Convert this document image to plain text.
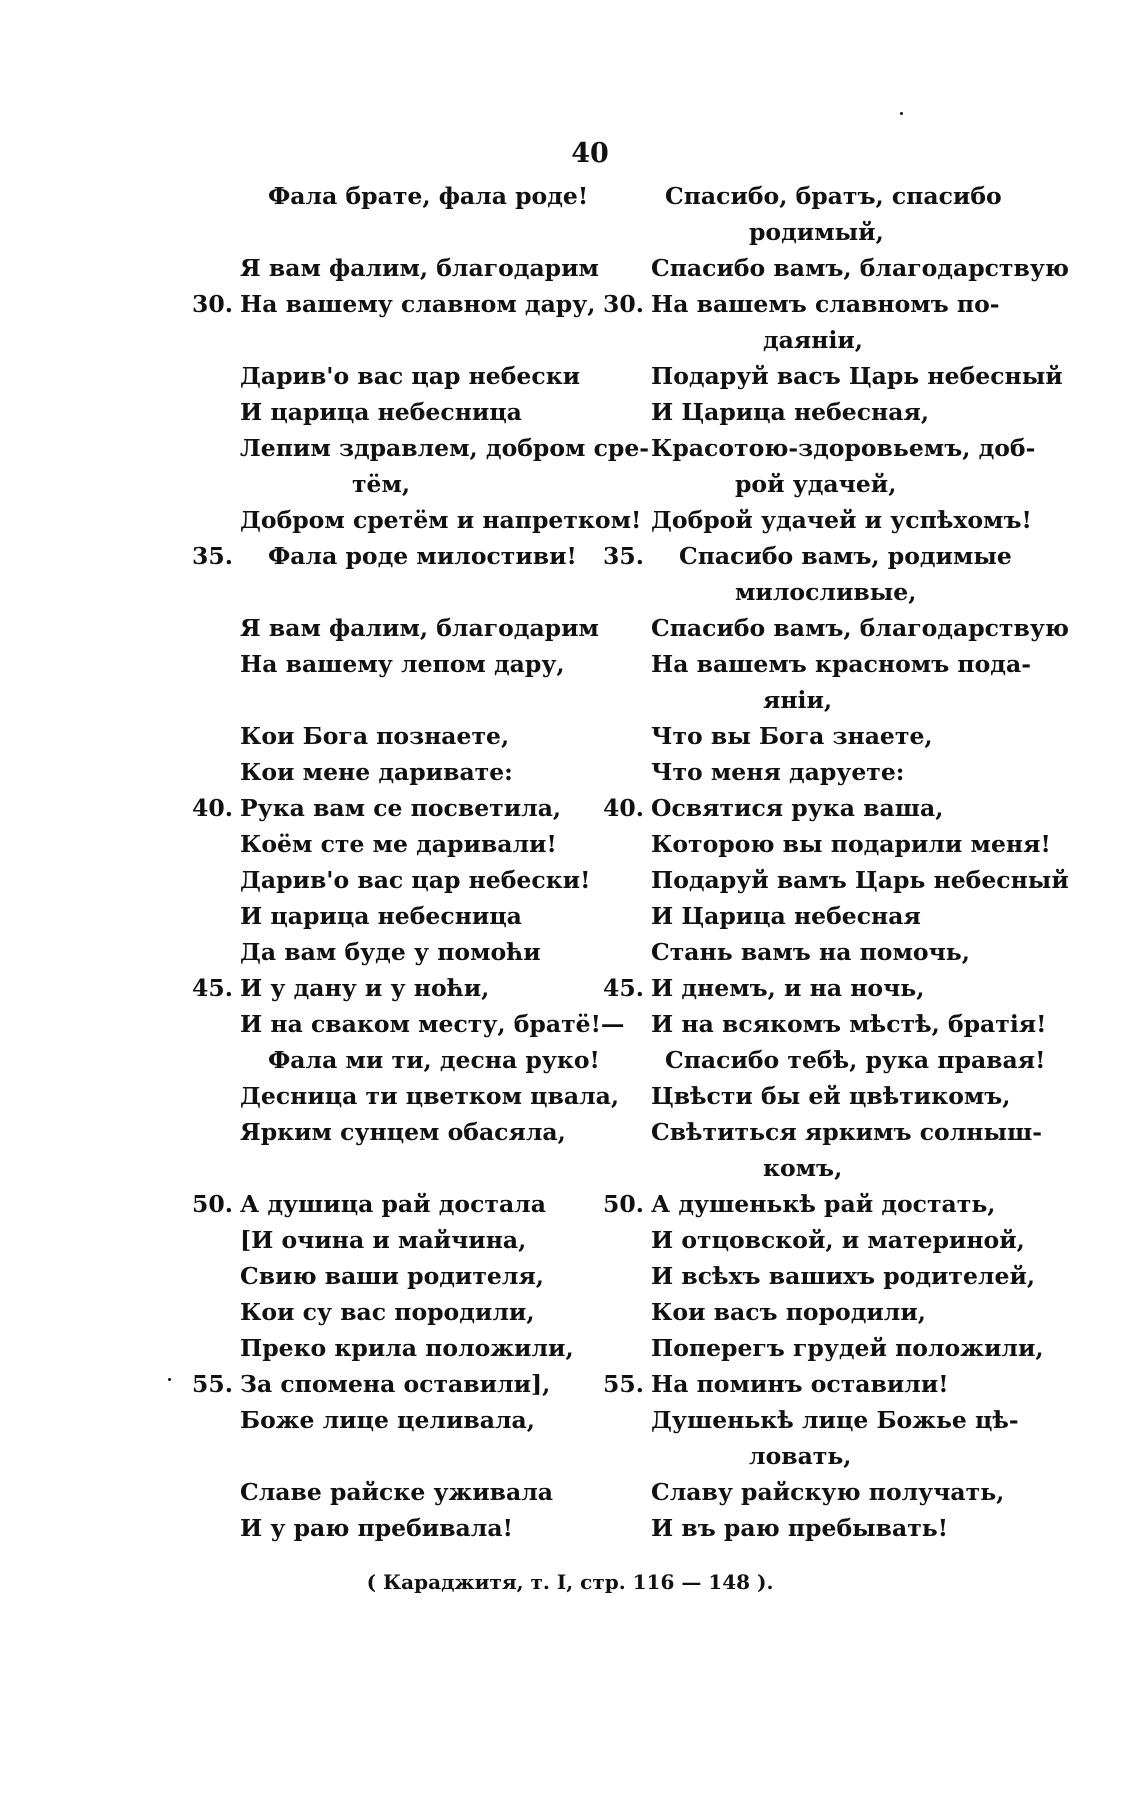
40
Фала брате, фала роде!
Я вам фалим, благодарим
30. На вашему славном дару,
Дарив'о вас цар небески
И царица небесница
Лепим здравлем, добром сре-
тём,
Добром сретём и напретком!
35.	Фала роде милостиви!
Я вам фалим, благодарим
На вашему лепом дару,
Кои Бога познаете,
Кои мене даривате:
40. Рука вам се посветила,
Коём сте ме даривали!
Дарив'о вас цар небески!
И царица небесница
Да вам буде у помоћи
45. И у дану и у ноћи,
И на сваком месту, братё!—
Фала ми ти, десна руко!
Десница ти цветком цвала,
Ярким сунцем обасяла,
50. А душица рай достала
[И очина и майчина,
Свию ваши родителя,
Кои су вас породили,
Преко крила положили,
55. За спомена оставили],
Боже лице целивала,
Славе райске уживала
И у раю пребивала!
Спасибо, братъ, спасибо
родимый,
Спасибо вамъ, благодарствую
30. На вашемъ славномъ по-
даяніи,
Подаруй васъ Царь небесный
И Царица небесная,
Красотою-здоровьемъ, доб-
рой удачей,
Доброй удачей и успѣхомъ!
35.	Спасибо вамъ, родимые
милосливые,
Спасибо вамъ, благодарствую
На вашемъ красномъ пода-
яніи,
Что вы Бога знаете,
Что меня даруете:
40. Освятися рука ваша,
Которою вы подарили меня!
Подаруй вамъ Царь небесный
И Царица небесная
Стань вамъ на помочь,
45. И днемъ, и на ночь,
И на всякомъ мѣстѣ, братія!
Спасибо тебѣ, рука правая!
Цвѣсти бы ей цвѣтикомъ,
Свѣтиться яркимъ солныш-
комъ,
50. А душенькѣ рай достать,
И отцовской, и материной,
И всѣхъ вашихъ родителей,
Кои васъ породили,
Поперегъ грудей положили,
55. На поминъ оставили!
Душенькѣ лице Божье цѣ-
ловать,
Славу райскую получать,
И въ раю пребывать!
( Караджитя, т. I, стр. 116 — 148 ).
